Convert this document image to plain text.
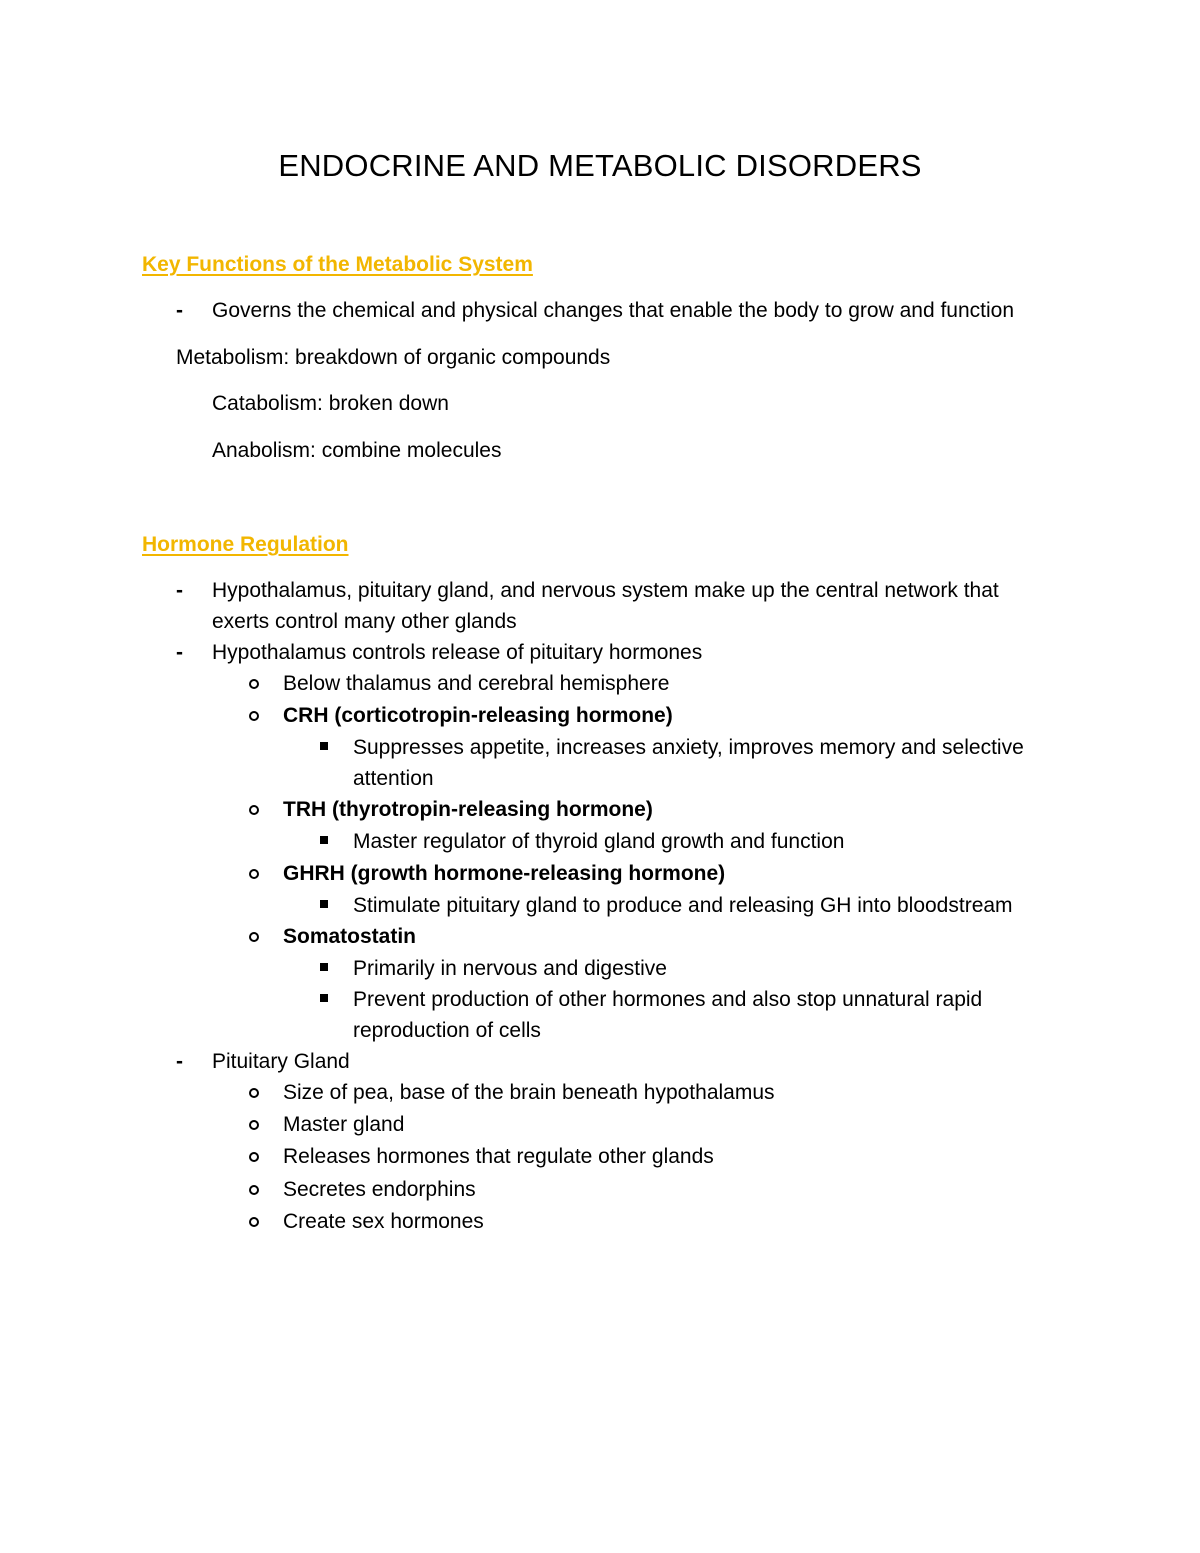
ENDOCRINE AND METABOLIC DISORDERS
Key Functions of the Metabolic System
- Governs the chemical and physical changes that enable the body to grow and function
Metabolism: breakdown of organic compounds
Catabolism: broken down
Anabolism: combine molecules
Hormone Regulation
- Hypothalamus, pituitary gland, and nervous system make up the central network that
exerts control many other glands
- Hypothalamus controls release of pituitary hormones
Below thalamus and cerebral hemisphere
CRH (corticotropin-releasing hormone)
Suppresses appetite, increases anxiety, improves memory and selective
attention
TRH (thyrotropin-releasing hormone)
Master regulator of thyroid gland growth and function
GHRH (growth hormone-releasing hormone)
Stimulate pituitary gland to produce and releasing GH into bloodstream
Somatostatin
Primarily in nervous and digestive
Prevent production of other hormones and also stop unnatural rapid
reproduction of cells
- Pituitary Gland
Size of pea, base of the brain beneath hypothalamus
Master gland
Releases hormones that regulate other glands
Secretes endorphins
Create sex hormones
